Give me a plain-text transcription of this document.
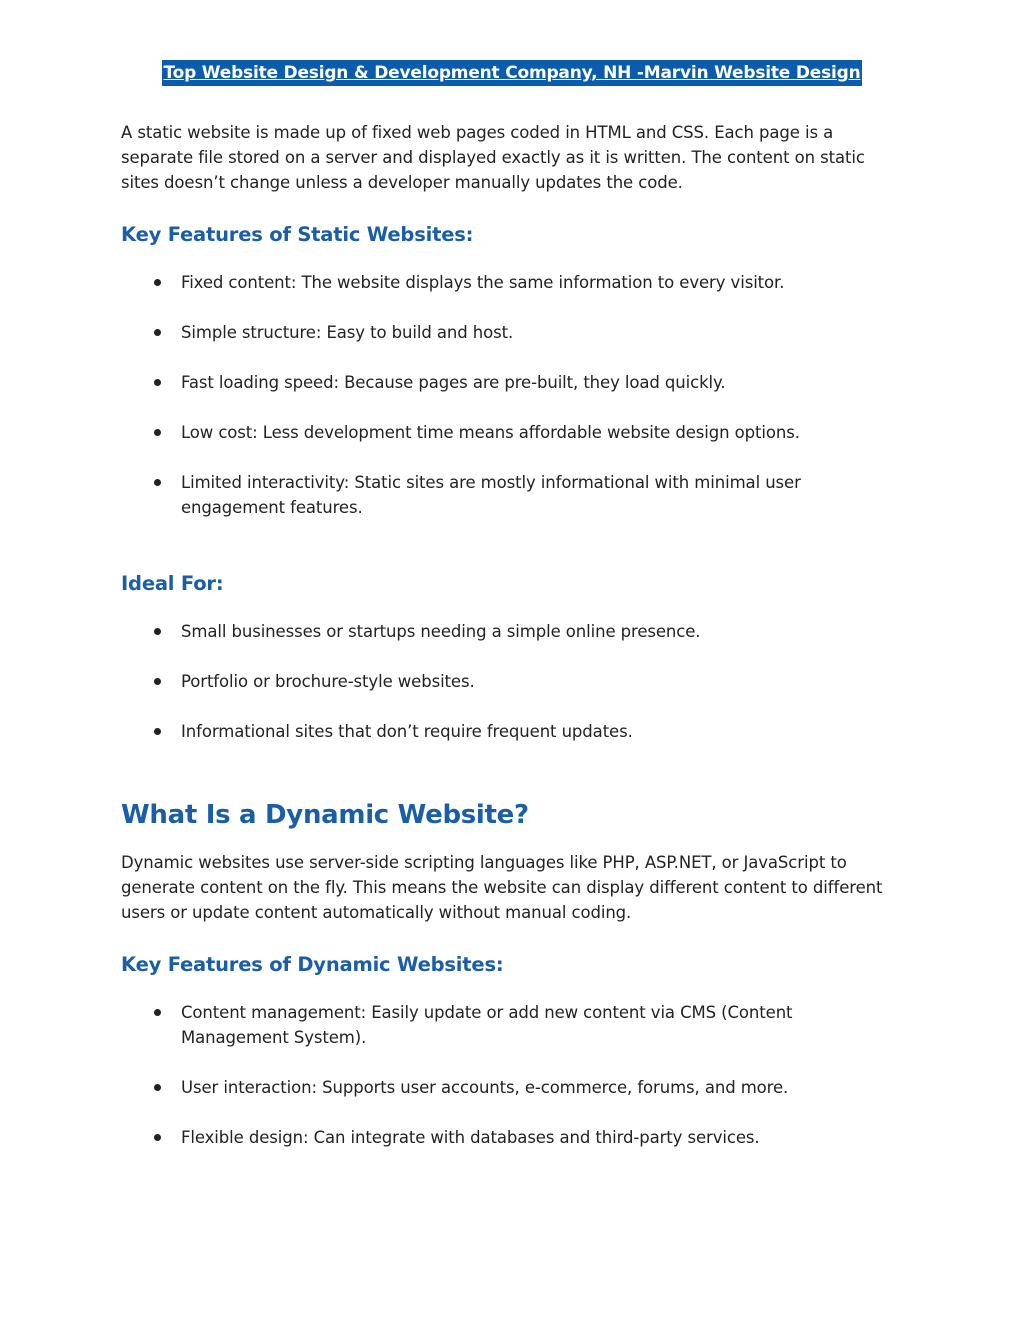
Top Website Design & Development Company, NH -Marvin Website Design

A static website is made up of fixed web pages coded in HTML and CSS. Each page is a separate file stored on a server and displayed exactly as it is written. The content on static sites doesn’t change unless a developer manually updates the code.

Key Features of Static Websites:
Fixed content: The website displays the same information to every visitor.
Simple structure: Easy to build and host.
Fast loading speed: Because pages are pre-built, they load quickly.
Low cost: Less development time means affordable website design options.
Limited interactivity: Static sites are mostly informational with minimal user engagement features.
Ideal For:
Small businesses or startups needing a simple online presence.
Portfolio or brochure-style websites.
Informational sites that don’t require frequent updates.
What Is a Dynamic Website?

Dynamic websites use server-side scripting languages like PHP, ASP.NET, or JavaScript to generate content on the fly. This means the website can display different content to different users or update content automatically without manual coding.

Key Features of Dynamic Websites:
Content management: Easily update or add new content via CMS (Content Management System).
User interaction: Supports user accounts, e-commerce, forums, and more.
Flexible design: Can integrate with databases and third-party services.
